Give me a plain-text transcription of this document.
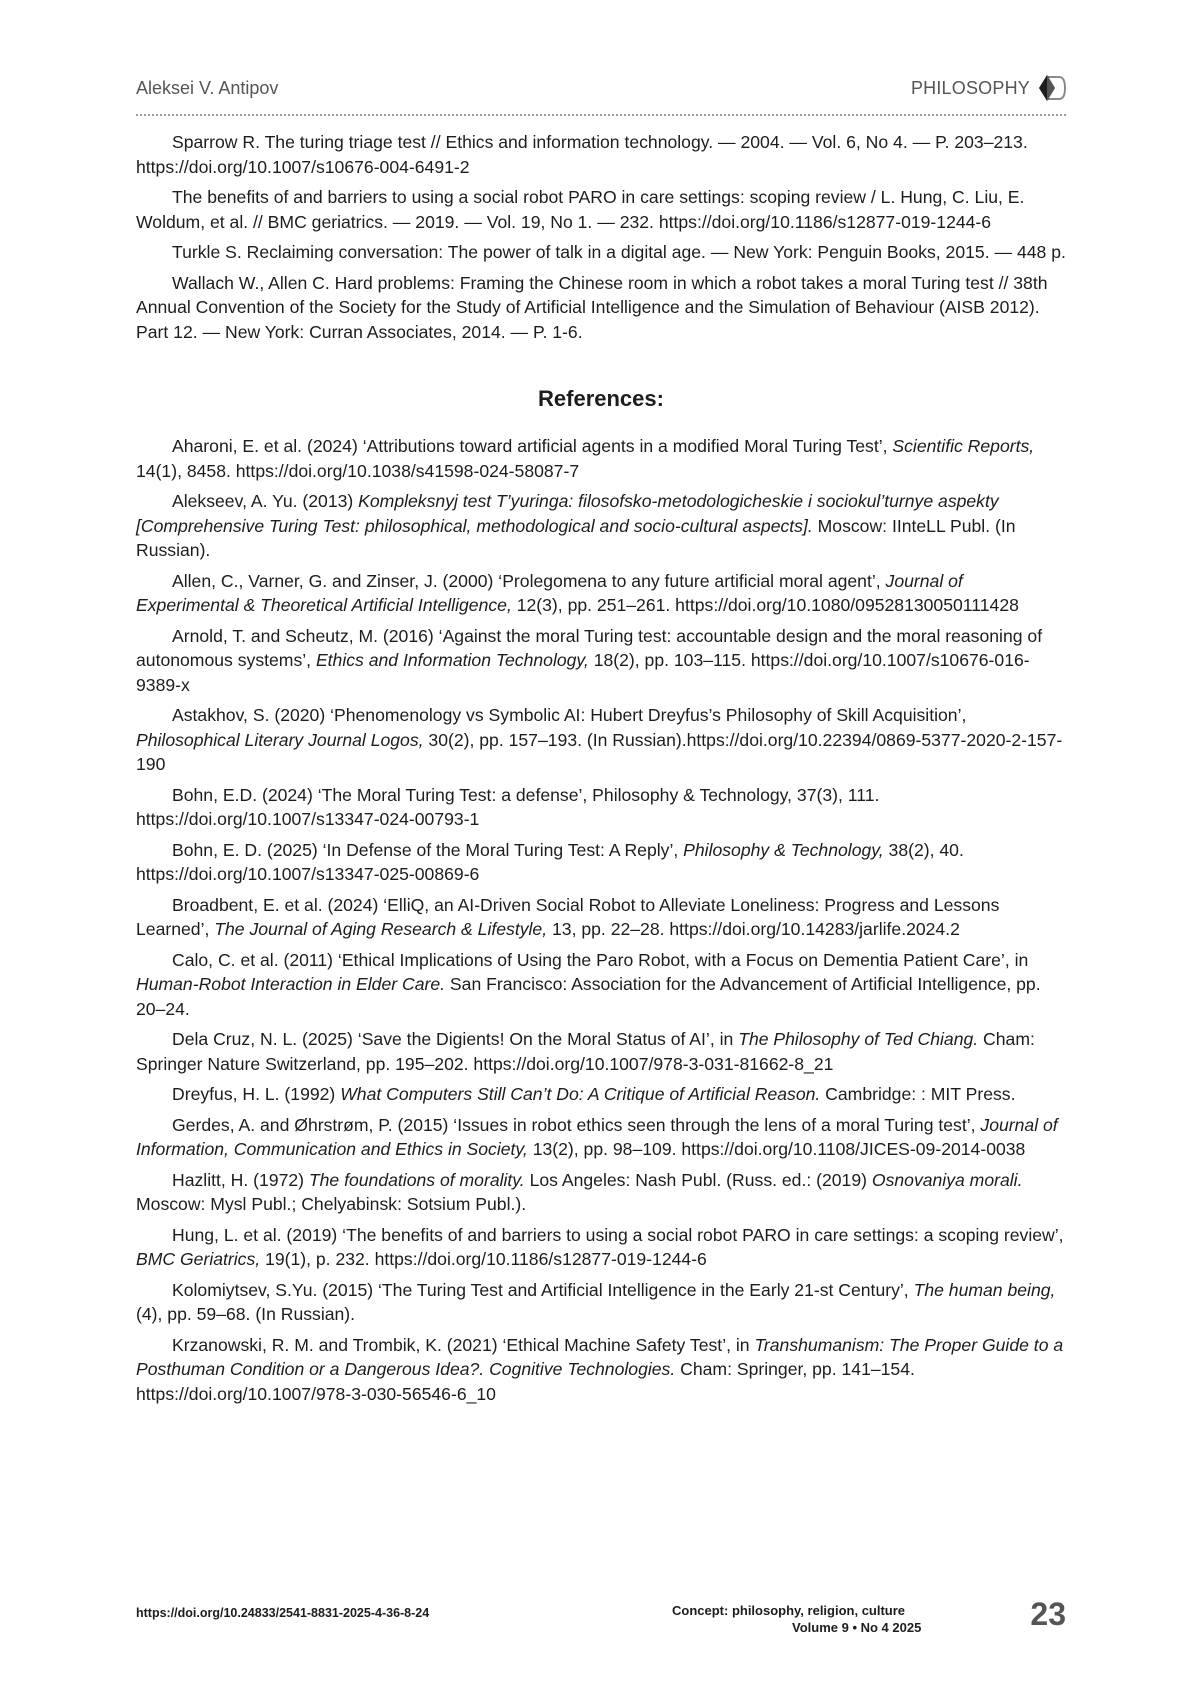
Aleksei V. Antipov	PHILOSOPHY

Sparrow R. The turing triage test // Ethics and information technology. — 2004. — Vol. 6, No 4. — P. 203–213. https://doi.org/10.1007/s10676-004-6491-2

The benefits of and barriers to using a social robot PARO in care settings: scoping review / L. Hung, C. Liu, E. Woldum, et al. // BMC geriatrics. — 2019. — Vol. 19, No 1. — 232. https://doi.org/10.1186/s12877-019-1244-6

Turkle S. Reclaiming conversation: The power of talk in a digital age. — New York: Penguin Books, 2015. — 448 p.

Wallach W., Allen C. Hard problems: Framing the Chinese room in which a robot takes a moral Turing test // 38th Annual Convention of the Society for the Study of Artificial Intelligence and the Simulation of Behaviour (AISB 2012). Part 12. — New York: Curran Associates, 2014. — P. 1-6.

References:

Aharoni, E. et al. (2024) ‘Attributions toward artificial agents in a modified Moral Turing Test’, Scientific Reports, 14(1), 8458. https://doi.org/10.1038/s41598-024-58087-7

Alekseev, A. Yu. (2013) Kompleksnyj test T’yuringa: filosofsko-metodologicheskie i sociokul’turnye aspekty [Comprehensive Turing Test: philosophical, methodological and socio-cultural aspects]. Moscow: IInteLL Publ. (In Russian).

Allen, C., Varner, G. and Zinser, J. (2000) ‘Prolegomena to any future artificial moral agent’, Journal of Experimental & Theoretical Artificial Intelligence, 12(3), pp. 251–261. https://doi.org/10.1080/09528130050111428

Arnold, T. and Scheutz, M. (2016) ‘Against the moral Turing test: accountable design and the moral reasoning of autonomous systems’, Ethics and Information Technology, 18(2), pp. 103–115. https://doi.org/10.1007/s10676-016-9389-x

Astakhov, S. (2020) ‘Phenomenology vs Symbolic AI: Hubert Dreyfus’s Philosophy of Skill Acquisition’, Philosophical Literary Journal Logos, 30(2), pp. 157–193. (In Russian).https://doi.org/10.22394/0869-5377-2020-2-157-190

Bohn, E.D. (2024) ‘The Moral Turing Test: a defense’, Philosophy & Technology, 37(3), 111. https://doi.org/10.1007/s13347-024-00793-1

Bohn, E. D. (2025) ‘In Defense of the Moral Turing Test: A Reply’, Philosophy & Technology, 38(2), 40. https://doi.org/10.1007/s13347-025-00869-6

Broadbent, E. et al. (2024) ‘ElliQ, an AI-Driven Social Robot to Alleviate Loneliness: Progress and Lessons Learned’, The Journal of Aging Research & Lifestyle, 13, pp. 22–28. https://doi.org/10.14283/jarlife.2024.2

Calo, C. et al. (2011) ‘Ethical Implications of Using the Paro Robot, with a Focus on Dementia Patient Care’, in Human-Robot Interaction in Elder Care. San Francisco: Association for the Advancement of Artificial Intelligence, pp. 20–24.

Dela Cruz, N. L. (2025) ‘Save the Digients! On the Moral Status of AI’, in The Philosophy of Ted Chiang. Cham: Springer Nature Switzerland, pp. 195–202. https://doi.org/10.1007/978-3-031-81662-8_21

Dreyfus, H. L. (1992) What Computers Still Can’t Do: A Critique of Artificial Reason. Cambridge: : MIT Press.

Gerdes, A. and Øhrstrøm, P. (2015) ‘Issues in robot ethics seen through the lens of a moral Turing test’, Journal of Information, Communication and Ethics in Society, 13(2), pp. 98–109. https://doi.org/10.1108/JICES-09-2014-0038

Hazlitt, H. (1972) The foundations of morality. Los Angeles: Nash Publ. (Russ. ed.: (2019) Osnovaniya morali. Moscow: Mysl Publ.; Chelyabinsk: Sotsium Publ.).

Hung, L. et al. (2019) ‘The benefits of and barriers to using a social robot PARO in care settings: a scoping review’, BMC Geriatrics, 19(1), p. 232. https://doi.org/10.1186/s12877-019-1244-6

Kolomiytsev, S.Yu. (2015) ‘The Turing Test and Artificial Intelligence in the Early 21-st Century’, The human being, (4), pp. 59–68. (In Russian).

Krzanowski, R. M. and Trombik, K. (2021) ‘Ethical Machine Safety Test’, in Transhumanism: The Proper Guide to a Posthuman Condition or a Dangerous Idea?. Cognitive Technologies. Cham: Springer, pp. 141–154. https://doi.org/10.1007/978-3-030-56546-6_10

https://doi.org/10.24833/2541-8831-2025-4-36-8-24	Concept: philosophy, religion, culture
Volume 9 • No 4 2025	23
